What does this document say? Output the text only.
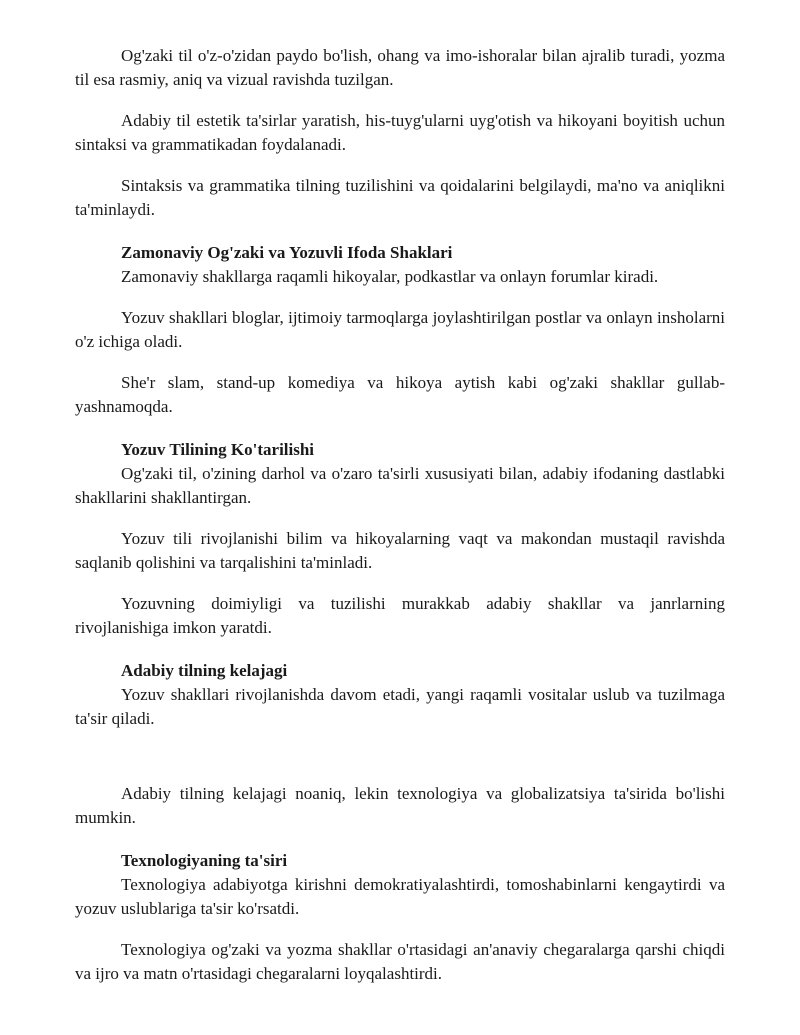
Og'zaki til o'z-o'zidan paydo bo'lish, ohang va imo-ishoralar bilan ajralib turadi, yozma til esa rasmiy, aniq va vizual ravishda tuzilgan.

Adabiy til estetik ta'sirlar yaratish, his-tuyg'ularni uyg'otish va hikoyani boyitish uchun sintaksi va grammatikadan foydalanadi.

Sintaksis va grammatika tilning tuzilishini va qoidalarini belgilaydi, ma'no va aniqlikni ta'minlaydi.

Zamonaviy Og'zaki va Yozuvli Ifoda Shaklari

Zamonaviy shakllarga raqamli hikoyalar, podkastlar va onlayn forumlar kiradi.

Yozuv shakllari bloglar, ijtimoiy tarmoqlarga joylashtirilgan postlar va onlayn insholarni o'z ichiga oladi.

She'r slam, stand-up komediya va hikoya aytish kabi og'zaki shakllar gullab-yashnamoqda.

Yozuv Tilining Ko'tarilishi

Og'zaki til, o'zining darhol va o'zaro ta'sirli xususiyati bilan, adabiy ifodaning dastlabki shakllarini shakllantirgan.

Yozuv tili rivojlanishi bilim va hikoyalarning vaqt va makondan mustaqil ravishda saqlanib qolishini va tarqalishini ta'minladi.

Yozuvning doimiyligi va tuzilishi murakkab adabiy shakllar va janrlarning rivojlanishiga imkon yaratdi.

Adabiy tilning kelajagi

Yozuv shakllari rivojlanishda davom etadi, yangi raqamli vositalar uslub va tuzilmaga ta'sir qiladi.

Adabiy tilning kelajagi noaniq, lekin texnologiya va globalizatsiya ta'sirida bo'lishi mumkin.

Texnologiyaning ta'siri

Texnologiya adabiyotga kirishni demokratiyalashtirdi, tomoshabinlarni kengaytirdi va yozuv uslublariga ta'sir ko'rsatdi.

Texnologiya og'zaki va yozma shakllar o'rtasidagi an'anaviy chegaralarga qarshi chiqdi va ijro va matn o'rtasidagi chegaralarni loyqalashtirdi.
